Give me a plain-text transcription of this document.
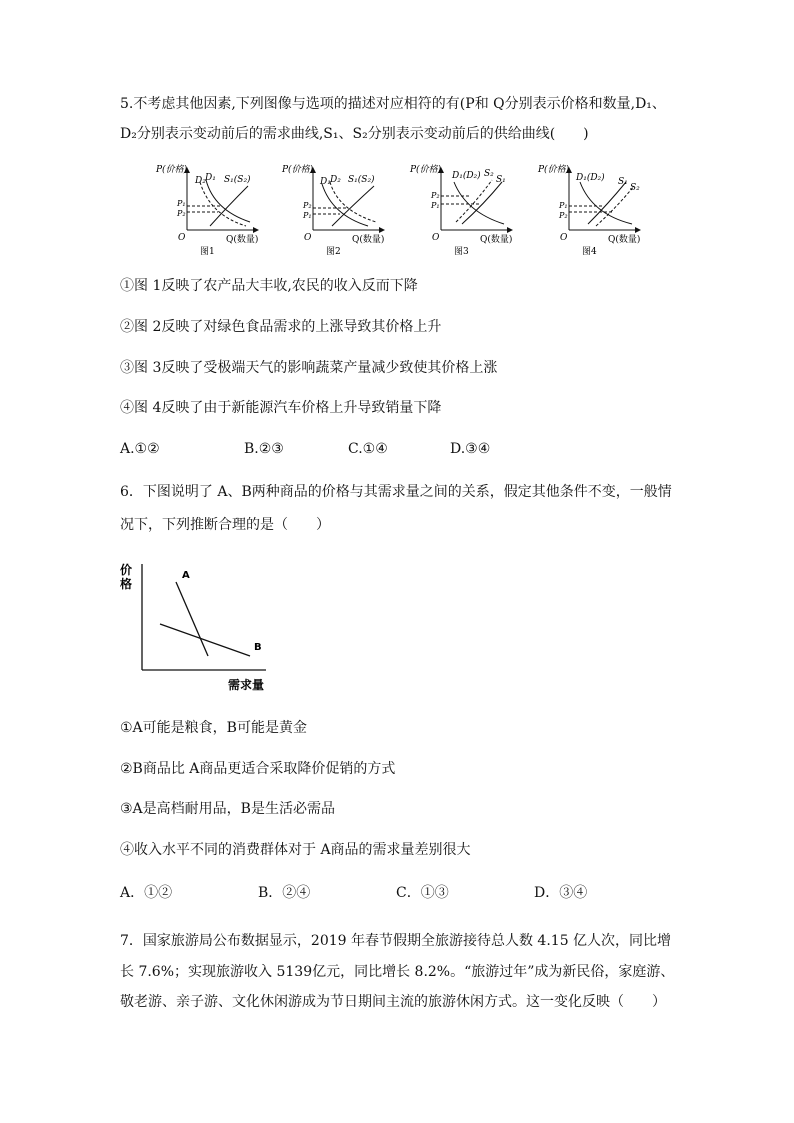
5.不考虑其他因素,下列图像与选项的描述对应相符的有(P和 Q分别表示价格和数量,D₁、
D₂分别表示变动前后的需求曲线,S₁、S₂分别表示变动前后的供给曲线(　　)
P(价格)
O	Q(数量)
D₂ D₁ S₁(S₂)
P₁
P₂
图1
P(价格)
O	Q(数量)
D₁ D₂ S₁(S₂)
P₂
P₁
图2
P(价格)
O	Q(数量)
D₁(D₂) S₂
S₁
P₂
P₁
图3
P(价格)
O	Q(数量)
D₁(D₂) S₁
S₂
P₁
P₂
图4
①图 1反映了农产品大丰收,农民的收入反而下降
②图 2反映了对绿色食品需求的上涨导致其价格上升
③图 3反映了受极端天气的影响蔬菜产量减少致使其价格上涨
④图 4反映了由于新能源汽车价格上升导致销量下降
A.①②	B.②③	C.①④	D.③④
6．下图说明了 A、B两种商品的价格与其需求量之间的关系，假定其他条件不变，一般情
况下，下列推断合理的是（　　）
价
格
需求量
A
B
①A可能是粮食，B可能是黄金
②B商品比 A商品更适合采取降价促销的方式
③A是高档耐用品，B是生活必需品
④收入水平不同的消费群体对于 A商品的需求量差别很大
A．①②	B．②④	C．①③	D．③④
7．国家旅游局公布数据显示，2019 年春节假期全旅游接待总人数 4.15 亿人次，同比增
长 7.6%；实现旅游收入 5139亿元，同比增长 8.2%。“旅游过年”成为新民俗，家庭游、
敬老游、亲子游、文化休闲游成为节日期间主流的旅游休闲方式。这一变化反映（　　）
